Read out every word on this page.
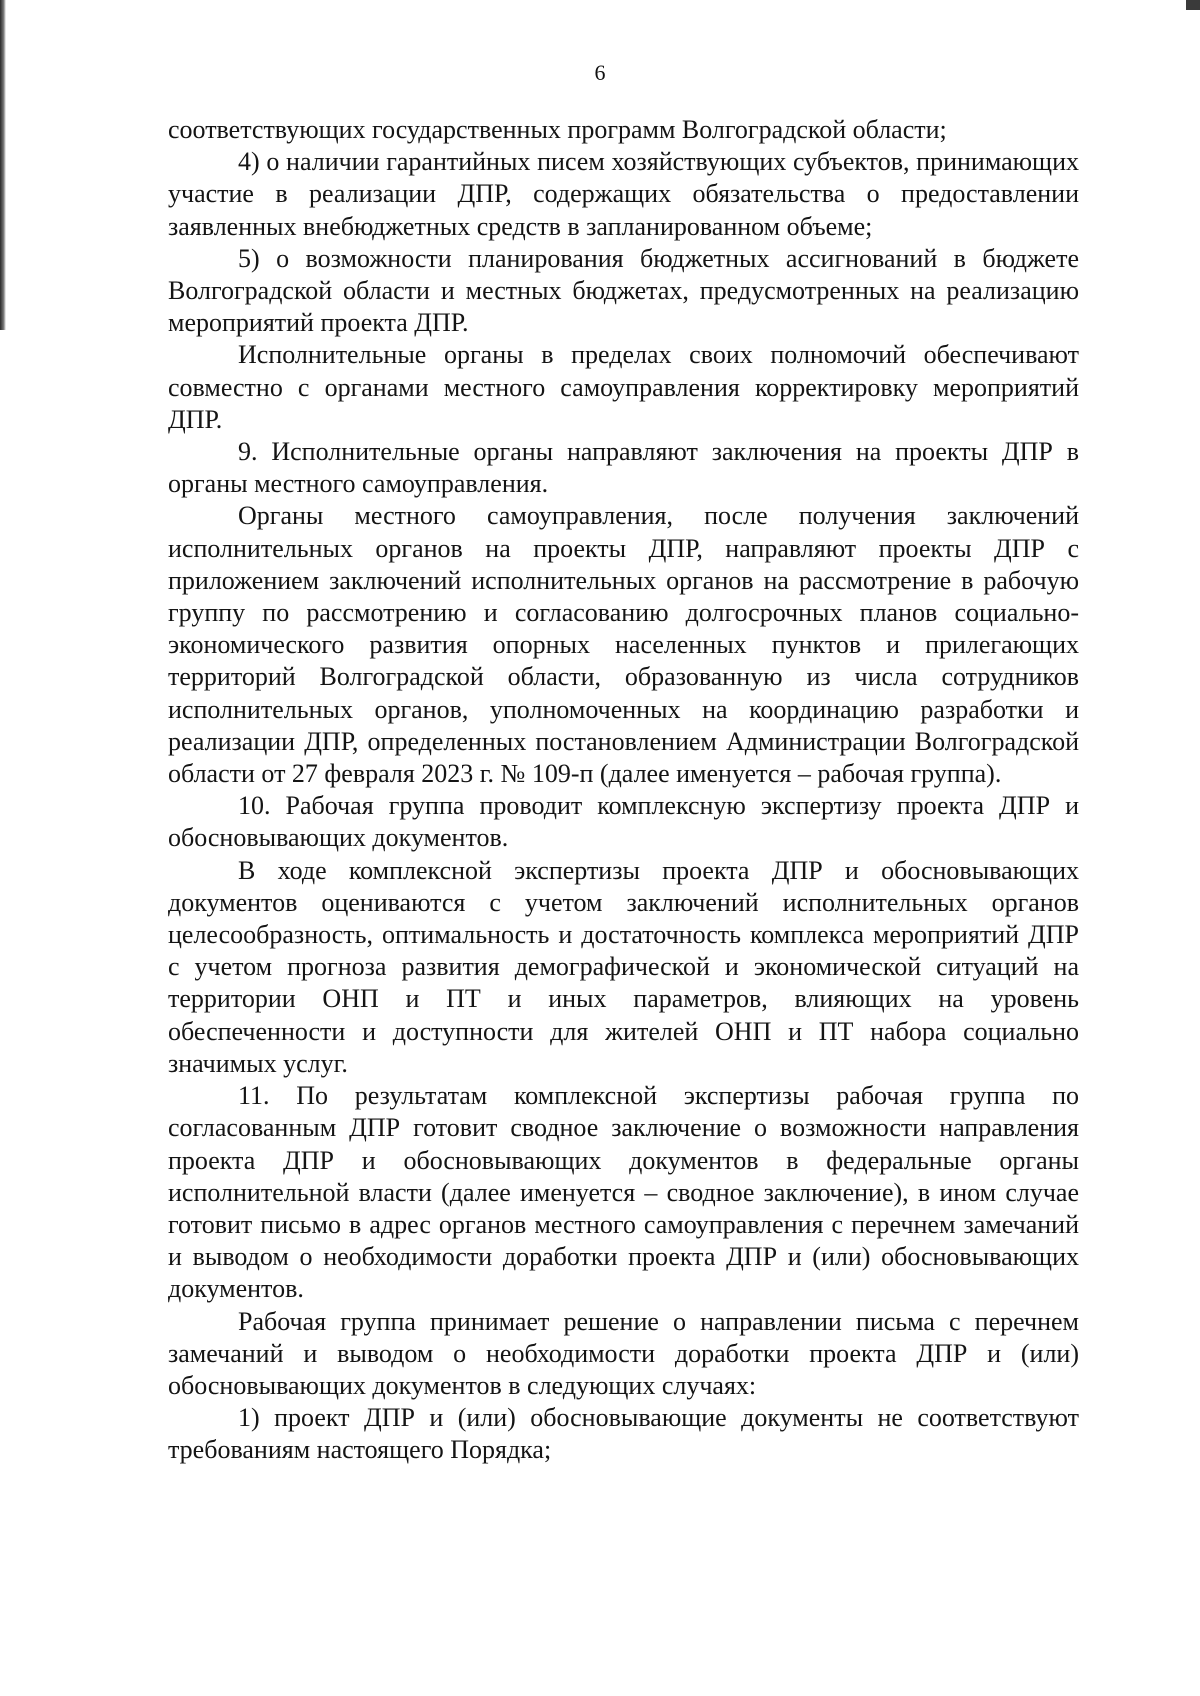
6

соответствующих государственных программ Волгоградской области;

4) о наличии гарантийных писем хозяйствующих субъектов, принимающих участие в реализации ДПР, содержащих обязательства о предоставлении заявленных внебюджетных средств в запланированном объеме;

5) о возможности планирования бюджетных ассигнований в бюджете Волгоградской области и местных бюджетах, предусмотренных на реализацию мероприятий проекта ДПР.

Исполнительные органы в пределах своих полномочий обеспечивают совместно с органами местного самоуправления корректировку мероприятий ДПР.

9. Исполнительные органы направляют заключения на проекты ДПР в органы местного самоуправления.

Органы местного самоуправления, после получения заключений исполнительных органов на проекты ДПР, направляют проекты ДПР с приложением заключений исполнительных органов на рассмотрение в рабочую группу по рассмотрению и согласованию долгосрочных планов социально-экономического развития опорных населенных пунктов и прилегающих территорий Волгоградской области, образованную из числа сотрудников исполнительных органов, уполномоченных на координацию разработки и реализации ДПР, определенных постановлением Администрации Волгоградской области от 27 февраля 2023 г. № 109-п (далее именуется – рабочая группа).

10. Рабочая группа проводит комплексную экспертизу проекта ДПР и обосновывающих документов.

В ходе комплексной экспертизы проекта ДПР и обосновывающих документов оцениваются с учетом заключений исполнительных органов целесообразность, оптимальность и достаточность комплекса мероприятий ДПР с учетом прогноза развития демографической и экономической ситуаций на территории ОНП и ПТ и иных параметров, влияющих на уровень обеспеченности и доступности для жителей ОНП и ПТ набора социально значимых услуг.

11. По результатам комплексной экспертизы рабочая группа по согласованным ДПР готовит сводное заключение о возможности направления проекта ДПР и обосновывающих документов в федеральные органы исполнительной власти (далее именуется – сводное заключение), в ином случае готовит письмо в адрес органов местного самоуправления с перечнем замечаний и выводом о необходимости доработки проекта ДПР и (или) обосновывающих документов.

Рабочая группа принимает решение о направлении письма с перечнем замечаний и выводом о необходимости доработки проекта ДПР и (или) обосновывающих документов в следующих случаях:

1) проект ДПР и (или) обосновывающие документы не соответствуют требованиям настоящего Порядка;
